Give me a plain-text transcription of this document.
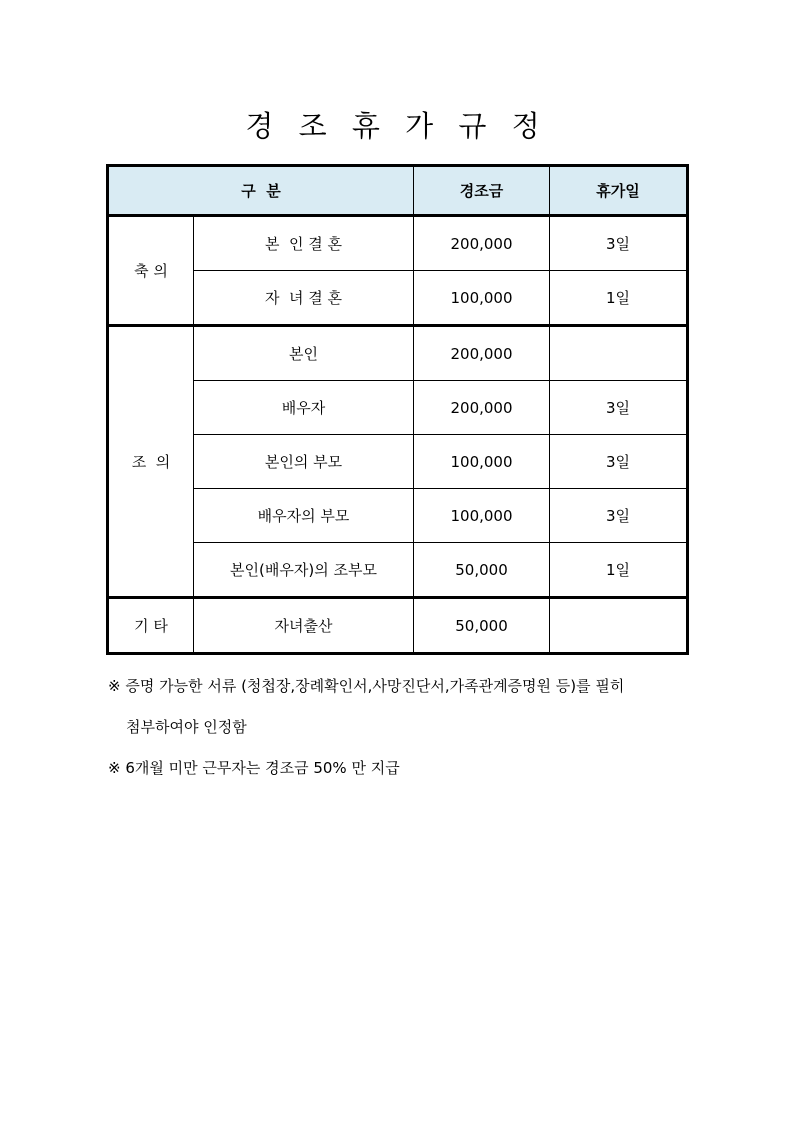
경 조 휴 가 규 정
구  분		경조금	휴가일
축 의	본  인 결 혼	200,000	3일
	자  녀 결 혼	100,000	1일
조  의	본인	200,000	
	배우자	200,000	3일
	본인의 부모	100,000	3일
	배우자의 부모	100,000	3일
	본인(배우자)의 조부모	50,000	1일
기 타	자녀출산	50,000	
※ 증명 가능한 서류 (청첩장,장례확인서,사망진단서,가족관계증명원 등)를 필히
첨부하여야 인정함
※ 6개월 미만 근무자는 경조금 50% 만 지급
